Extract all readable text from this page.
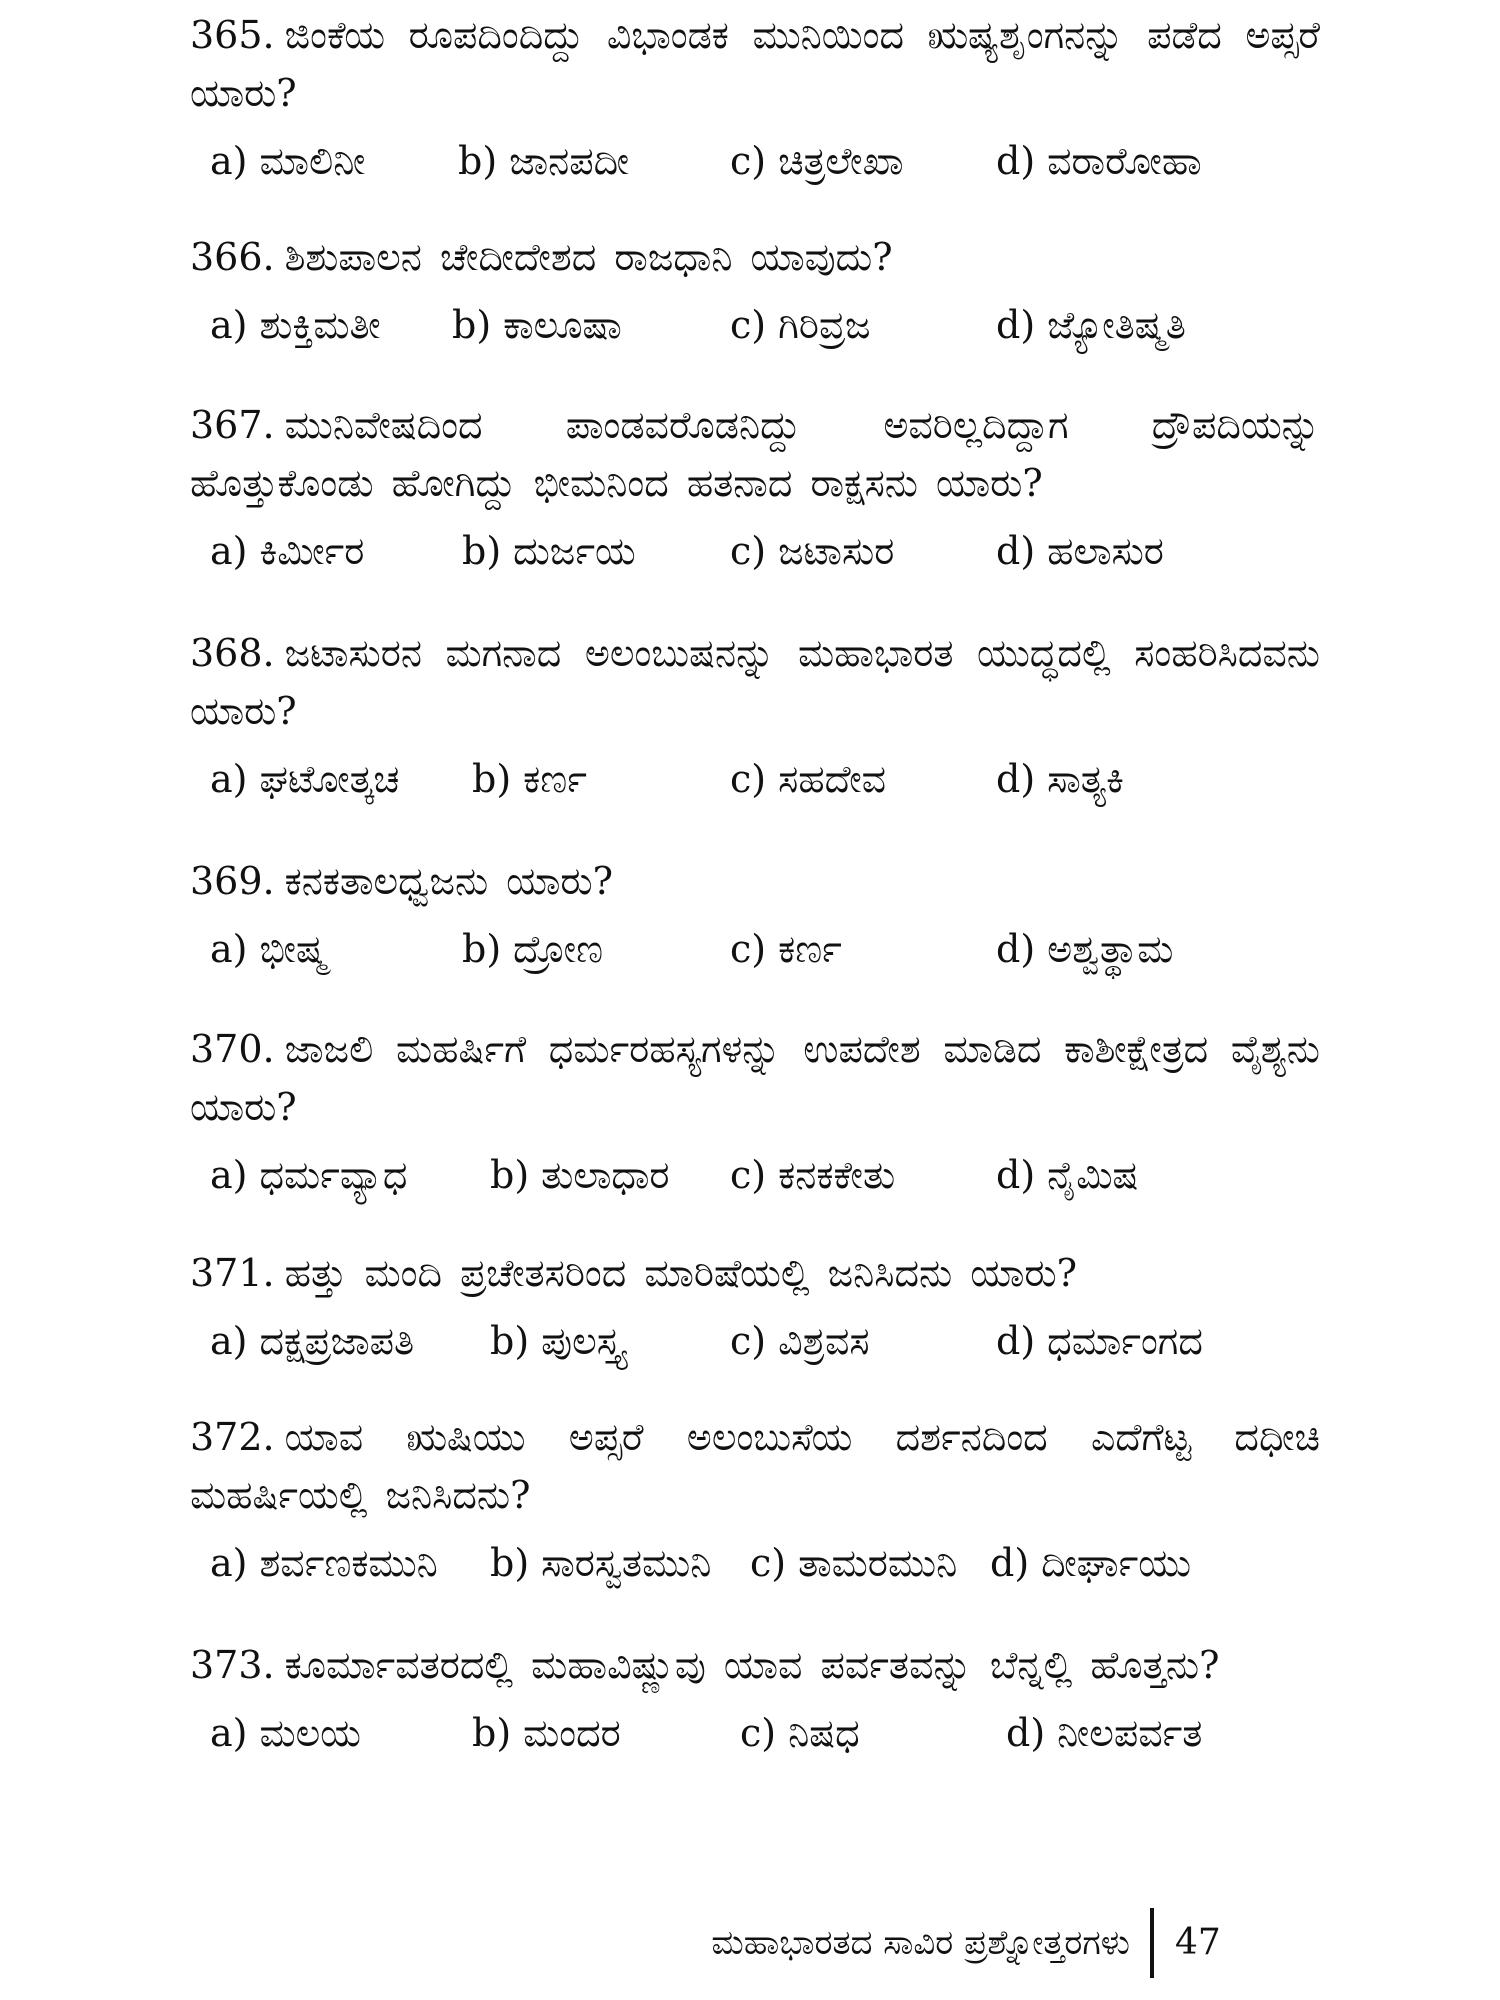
365. ಜಿಂಕೆಯ ರೂಪದಿಂದಿದ್ದು ವಿಭಾಂಡಕ ಮುನಿಯಿಂದ ಋಷ್ಯಶೃಂಗನನ್ನು ಪಡೆದ ಅಪ್ಸರೆ ಯಾರು?

a) ಮಾಲಿನೀ b) ಜಾನಪದೀ	c) ಚಿತ್ರಲೇಖಾ d) ವರಾರೋಹಾ

366. ಶಿಶುಪಾಲನ ಚೇದೀದೇಶದ ರಾಜಧಾನಿ ಯಾವುದು?

a) ಶುಕ್ತಿಮತೀ b) ಕಾಲೂಷಾ	c) ಗಿರಿವ್ರಜ	d) ಜ್ಯೋತಿಷ್ಮತಿ

367. ಮುನಿವೇಷದಿಂದ ಪಾಂಡವರೊಡನಿದ್ದು ಅವರಿಲ್ಲದಿದ್ದಾಗ ದ್ರೌಪದಿಯನ್ನು ಹೊತ್ತುಕೊಂಡು ಹೋಗಿದ್ದು ಭೀಮನಿಂದ ಹತನಾದ ರಾಕ್ಷಸನು ಯಾರು?

a) ಕಿರ್ಮೀರ	b) ದುರ್ಜಯ c) ಜಟಾಸುರ	d) ಹಲಾಸುರ

368. ಜಟಾಸುರನ ಮಗನಾದ ಅಲಂಬುಷನನ್ನು ಮಹಾಭಾರತ ಯುದ್ಧದಲ್ಲಿ ಸಂಹರಿಸಿದವನು ಯಾರು?

a) ಘಟೋತ್ಕಚ b) ಕರ್ಣ	c) ಸಹದೇವ	d) ಸಾತ್ಯಕಿ

369. ಕನಕತಾಲಧ್ವಜನು ಯಾರು?

a) ಭೀಷ್ಮ	b) ದ್ರೋಣ	c) ಕರ್ಣ	d) ಅಶ್ವತ್ಥಾಮ

370. ಜಾಜಲಿ ಮಹರ್ಷಿಗೆ ಧರ್ಮರಹಸ್ಯಗಳನ್ನು ಉಪದೇಶ ಮಾಡಿದ ಕಾಶೀಕ್ಷೇತ್ರದ ವೈಶ್ಯನು ಯಾರು?

a) ಧರ್ಮವ್ಯಾಧ b) ತುಲಾಧಾರ c) ಕನಕಕೇತು	d) ನೈಮಿಷ

371. ಹತ್ತು ಮಂದಿ ಪ್ರಚೇತಸರಿಂದ ಮಾರಿಷೆಯಲ್ಲಿ ಜನಿಸಿದನು ಯಾರು?

a) ದಕ್ಷಪ್ರಜಾಪತಿ b) ಪುಲಸ್ತ್ಯ	c) ವಿಶ್ರವಸ	d) ಧರ್ಮಾಂಗದ

372. ಯಾವ ಋಷಿಯು ಅಪ್ಸರೆ ಅಲಂಬುಸೆಯ ದರ್ಶನದಿಂದ ಎದೆಗೆಟ್ಟ ದಧೀಚಿ ಮಹರ್ಷಿಯಲ್ಲಿ ಜನಿಸಿದನು?

a) ಶರ್ವಣಕಮುನಿ b) ಸಾರಸ್ವತಮುನಿ c) ತಾಮರಮುನಿ d) ದೀರ್ಘಾಯು

373. ಕೂರ್ಮಾವತರದಲ್ಲಿ ಮಹಾವಿಷ್ಣುವು ಯಾವ ಪರ್ವತವನ್ನು ಬೆನ್ನಲ್ಲಿ ಹೊತ್ತನು?

a) ಮಲಯ	b) ಮಂದರ	c) ನಿಷಧ	d) ನೀಲಪರ್ವತ
ಮಹಾಭಾರತದ ಸಾವಿರ ಪ್ರಶ್ನೋತ್ತರಗಳು 47
